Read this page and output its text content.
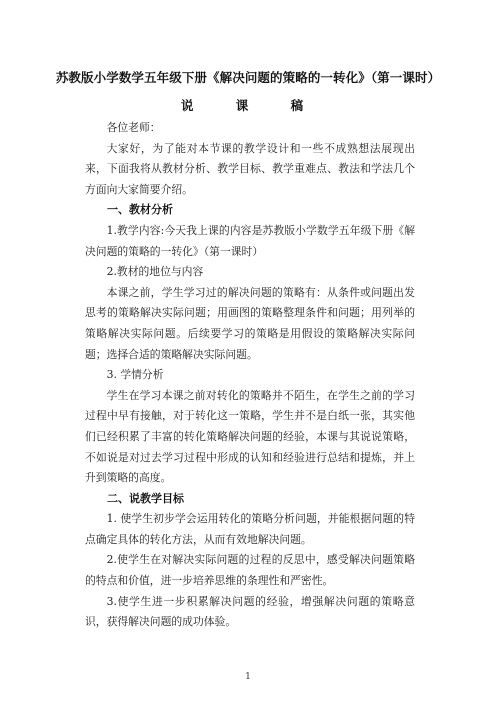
苏教版小学数学五年级下册《解决问题的策略的一转化》（第一课时）
说 课 稿

各位老师：

大家好，为了能对本节课的教学设计和一些不成熟想法展现出来，下面我将从教材分析、教学目标、教学重难点、教法和学法几个方面向大家简要介绍。

一、教材分析

1.教学内容:今天我上课的内容是苏教版小学数学五年级下册《解决问题的策略的一转化》（第一课时）

2.教材的地位与内容

本课之前，学生学习过的解决问题的策略有：从条件或问题出发思考的策略解决实际问题；用画图的策略整理条件和问题；用列举的策略解决实际问题。后续要学习的策略是用假设的策略解决实际问题；选择合适的策略解决实际问题。

3. 学情分析

学生在学习本课之前对转化的策略并不陌生，在学生之前的学习过程中早有接触，对于转化这一策略，学生并不是白纸一张，其实他们已经积累了丰富的转化策略解决问题的经验，本课与其说说策略，不如说是对过去学习过程中形成的认知和经验进行总结和提炼，并上升到策略的高度。

二、说教学目标

1. 使学生初步学会运用转化的策略分析问题，并能根据问题的特点确定具体的转化方法，从而有效地解决问题。

2.使学生在对解决实际问题的过程的反思中，感受解决问题策略的特点和价值，进一步培养思维的条理性和严密性。

3.使学生进一步积累解决问题的经验，增强解决问题的策略意识，获得解决问题的成功体验。

1
